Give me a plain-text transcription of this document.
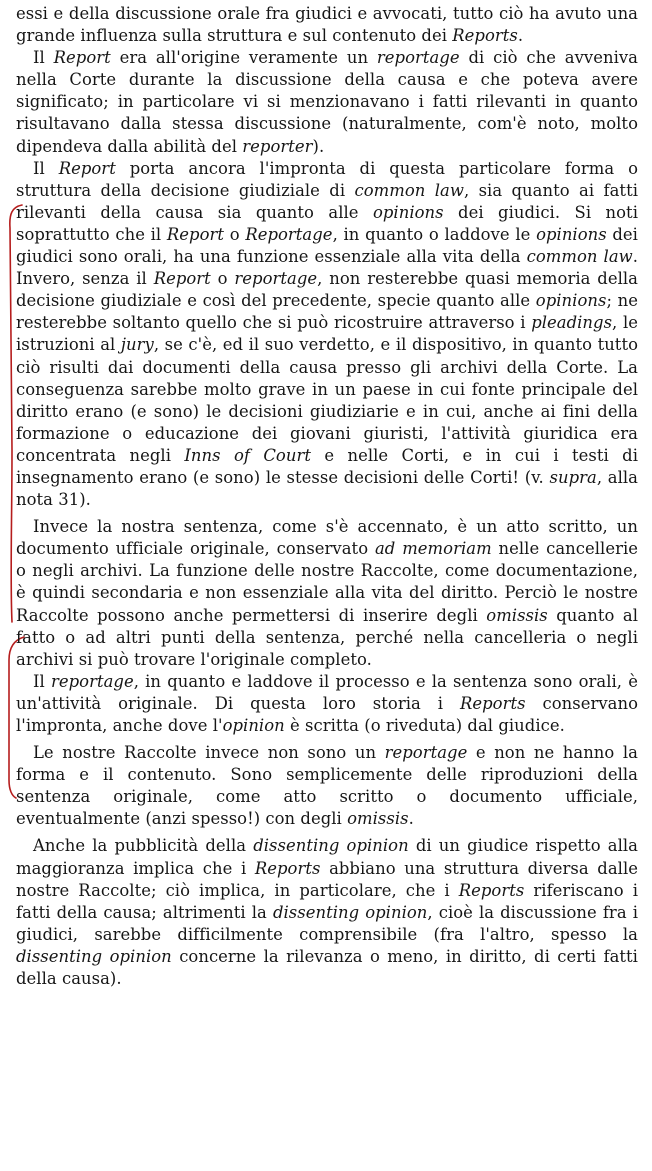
essi e della discussione orale fra giudici e avvocati, tutto ciò ha avuto una grande influenza sulla struttura e sul contenuto dei Reports.

Il Report era all'origine veramente un reportage di ciò che avveniva nella Corte durante la discussione della causa e che poteva avere significato; in particolare vi si menzionavano i fatti rilevanti in quanto risultavano dalla stessa discussione (naturalmente, com'è noto, molto dipendeva dalla abilità del reporter).

Il Report porta ancora l'impronta di questa particolare forma o struttura della decisione giudiziale di common law, sia quanto ai fatti rilevanti della causa sia quanto alle opinions dei giudici. Si noti soprattutto che il Report o Reportage, in quanto o laddove le opinions dei giudici sono orali, ha una funzione essenziale alla vita della common law. Invero, senza il Report o reportage, non resterebbe quasi memoria della decisione giudiziale e così del precedente, specie quanto alle opinions; ne resterebbe soltanto quello che si può ricostruire attraverso i pleadings, le istruzioni al jury, se c'è, ed il suo verdetto, e il dispositivo, in quanto tutto ciò risulti dai documenti della causa presso gli archivi della Corte. La conseguenza sarebbe molto grave in un paese in cui fonte principale del diritto erano (e sono) le decisioni giudiziarie e in cui, anche ai fini della formazione o educazione dei giovani giuristi, l'attività giuridica era concentrata negli Inns of Court e nelle Corti, e in cui i testi di insegnamento erano (e sono) le stesse decisioni delle Corti! (v. supra, alla nota 31).

Invece la nostra sentenza, come s'è accennato, è un atto scritto, un documento ufficiale originale, conservato ad memoriam nelle cancellerie o negli archivi. La funzione delle nostre Raccolte, come documentazione, è quindi secondaria e non essenziale alla vita del diritto. Perciò le nostre Raccolte possono anche permettersi di inserire degli omissis quanto al fatto o ad altri punti della sentenza, perché nella cancelleria o negli archivi si può trovare l'originale completo.

Il reportage, in quanto e laddove il processo e la sentenza sono orali, è un'attività originale. Di questa loro storia i Reports conservano l'impronta, anche dove l'opinion è scritta (o riveduta) dal giudice.

Le nostre Raccolte invece non sono un reportage e non ne hanno la forma e il contenuto. Sono semplicemente delle riproduzioni della sentenza originale, come atto scritto o documento ufficiale, eventualmente (anzi spesso!) con degli omissis.

Anche la pubblicità della dissenting opinion di un giudice rispetto alla maggioranza implica che i Reports abbiano una struttura diversa dalle nostre Raccolte; ciò implica, in particolare, che i Reports riferiscano i fatti della causa; altrimenti la dissenting opinion, cioè la discussione fra i giudici, sarebbe difficilmente comprensibile (fra l'altro, spesso la dissenting opinion concerne la rilevanza o meno, in diritto, di certi fatti della causa).
